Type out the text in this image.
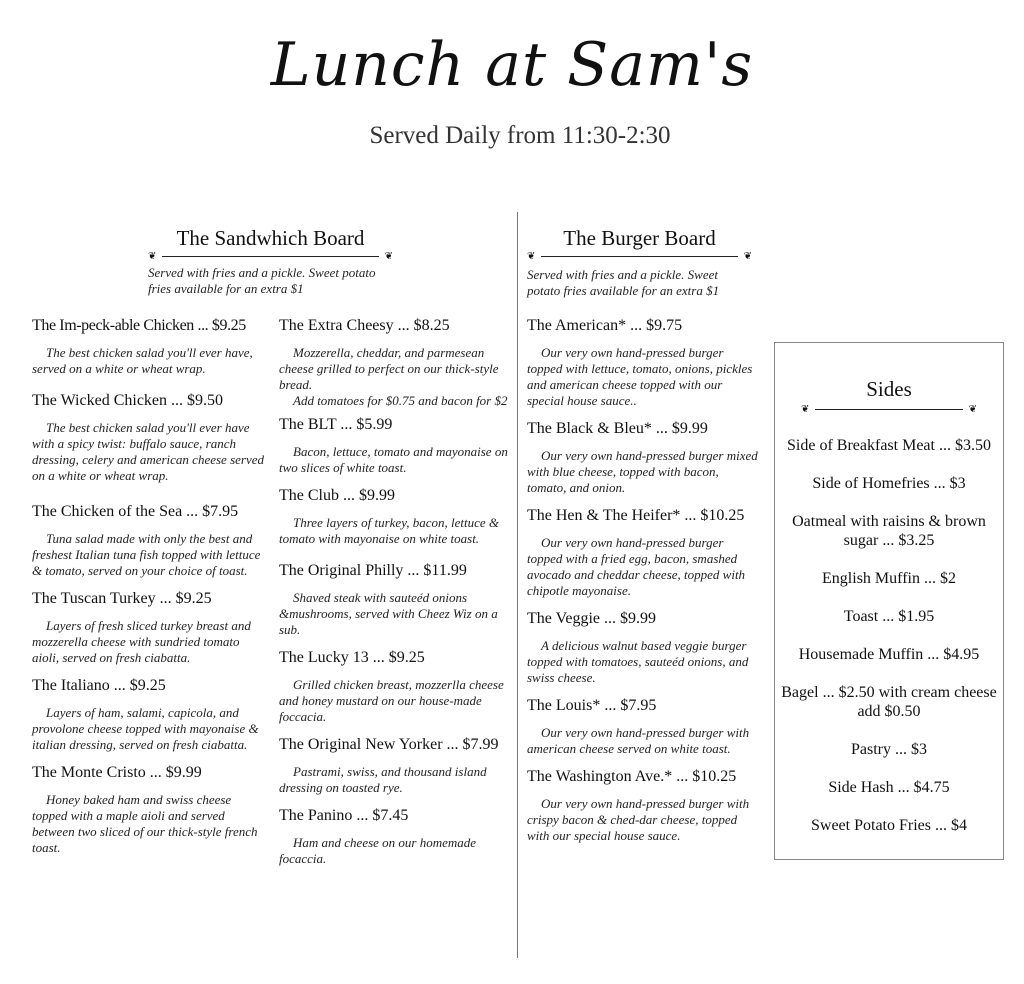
Lunch at Sam's
Served Daily from 11:30-2:30
The Sandwhich Board
❦	❦
Served with fries and a pickle. Sweet potato fries available for an extra $1
The Im-peck-able Chicken ... $9.25
The best chicken salad you'll ever have, served on a white or wheat wrap.
The Wicked Chicken ... $9.50
The best chicken salad you'll ever have with a spicy twist: buffalo sauce, ranch dressing, celery and american cheese served on a white or wheat wrap.
The Chicken of the Sea ... $7.95
Tuna salad made with only the best and freshest Italian tuna fish topped with lettuce & tomato, served on your choice of toast.
The Tuscan Turkey ... $9.25
Layers of fresh sliced turkey breast and mozzerella cheese with sundried tomato aioli, served on fresh ciabatta.
The Italiano ... $9.25
Layers of ham, salami, capicola, and provolone cheese topped with mayonaise & italian dressing, served on fresh ciabatta.
The Monte Cristo ... $9.99
Honey baked ham and swiss cheese topped with a maple aioli and served between two sliced of our thick-style french toast.
The Extra Cheesy ... $8.25
Mozzerella, cheddar, and parmesean cheese grilled to perfect on our thick-style bread.
Add tomatoes for $0.75 and bacon for $2
The BLT ... $5.99
Bacon, lettuce, tomato and mayonaise on two slices of white toast.
The Club ... $9.99
Three layers of turkey, bacon, lettuce & tomato with mayonaise on white toast.
The Original Philly ... $11.99
Shaved steak with sauteéd onions &mushrooms, served with Cheez Wiz on a sub.
The Lucky 13 ... $9.25
Grilled chicken breast, mozzerlla cheese and honey mustard on our house-made foccacia.
The Original New Yorker ... $7.99
Pastrami, swiss, and thousand island dressing on toasted rye.
The Panino ... $7.45
Ham and cheese on our homemade focaccia.
The Burger Board
❦	❦
Served with fries and a pickle. Sweet potato fries available for an extra $1
The American* ... $9.75
Our very own hand-pressed burger topped with lettuce, tomato, onions, pickles and american cheese topped with our special house sauce..
The Black & Bleu* ... $9.99
Our very own hand-pressed burger mixed with blue cheese, topped with bacon, tomato, and onion.
The Hen & The Heifer* ... $10.25
Our very own hand-pressed burger topped with a fried egg, bacon, smashed avocado and cheddar cheese, topped with chipotle mayonaise.
The Veggie ... $9.99
A delicious walnut based veggie burger topped with tomatoes, sauteéd onions, and swiss cheese.
The Louis* ... $7.95
Our very own hand-pressed burger with american cheese served on white toast.
The Washington Ave.* ... $10.25
Our very own hand-pressed burger with crispy bacon & ched-dar cheese, topped with our special house sauce.
Sides
❦	❦
Side of Breakfast Meat ... $3.50
Side of Homefries ... $3
Oatmeal with raisins & brown sugar ... $3.25
English Muffin ... $2
Toast ... $1.95
Housemade Muffin ... $4.95
Bagel ... $2.50 with cream cheese add $0.50
Pastry ... $3
Side Hash ... $4.75
Sweet Potato Fries ... $4
